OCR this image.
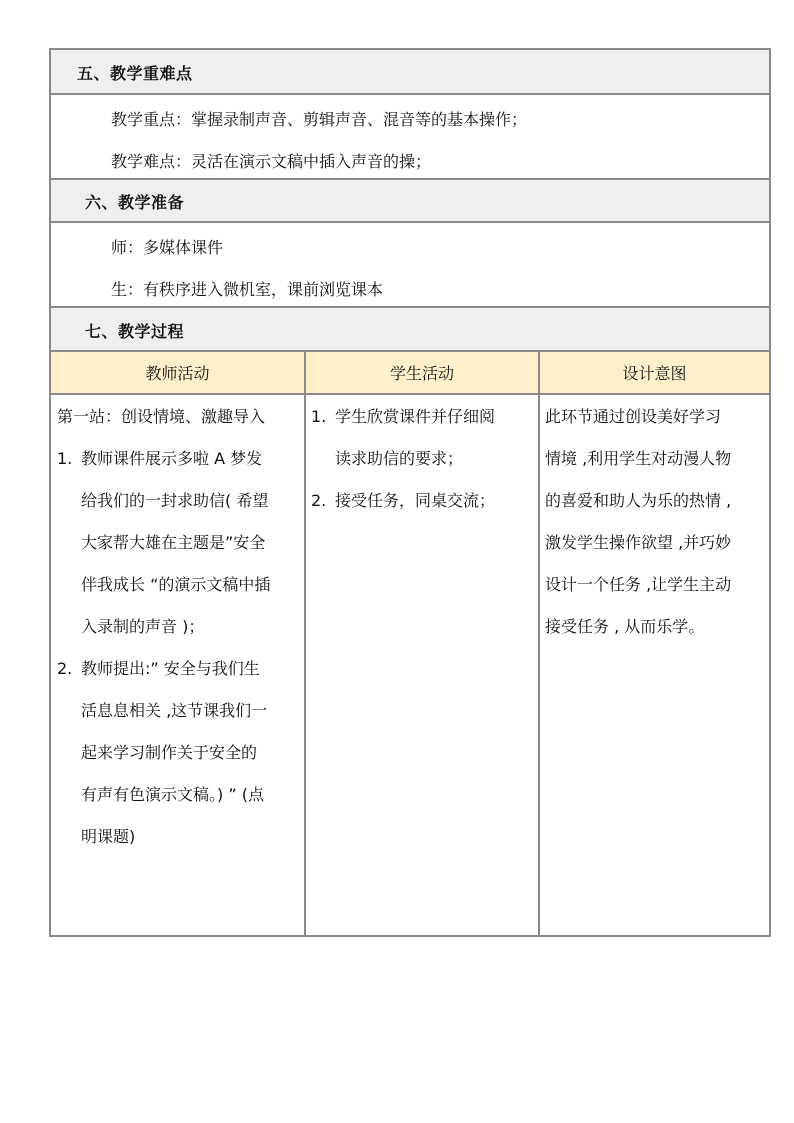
五、教学重难点
教学重点：掌握录制声音、剪辑声音、混音等的基本操作；
教学难点：灵活在演示文稿中插入声音的操；
六、教学准备
师：多媒体课件
生：有秩序进入微机室，课前浏览课本
七、教学过程
教师活动	学生活动	设计意图

第一站：创设情境、激趣导入

1. 教师课件展示多啦 A 梦发
给我们的一封求助信( 希望
大家帮大雄在主题是”安全
伴我成长 “的演示文稿中插
入录制的声音 )；
2. 教师提出:” 安全与我们生
活息息相关 ,这节课我们一
起来学习制作关于安全的
有声有色演示文稿。) ” (点
明课题)
1. 学生欣赏课件并仔细阅
读求助信的要求；
2. 接受任务，同桌交流；

此环节通过创设美好学习

情境 ,利用学生对动漫人物

的喜爱和助人为乐的热情 ,

激发学生操作欲望 ,并巧妙

设计一个任务 ,让学生主动

接受任务 , 从而乐学。
